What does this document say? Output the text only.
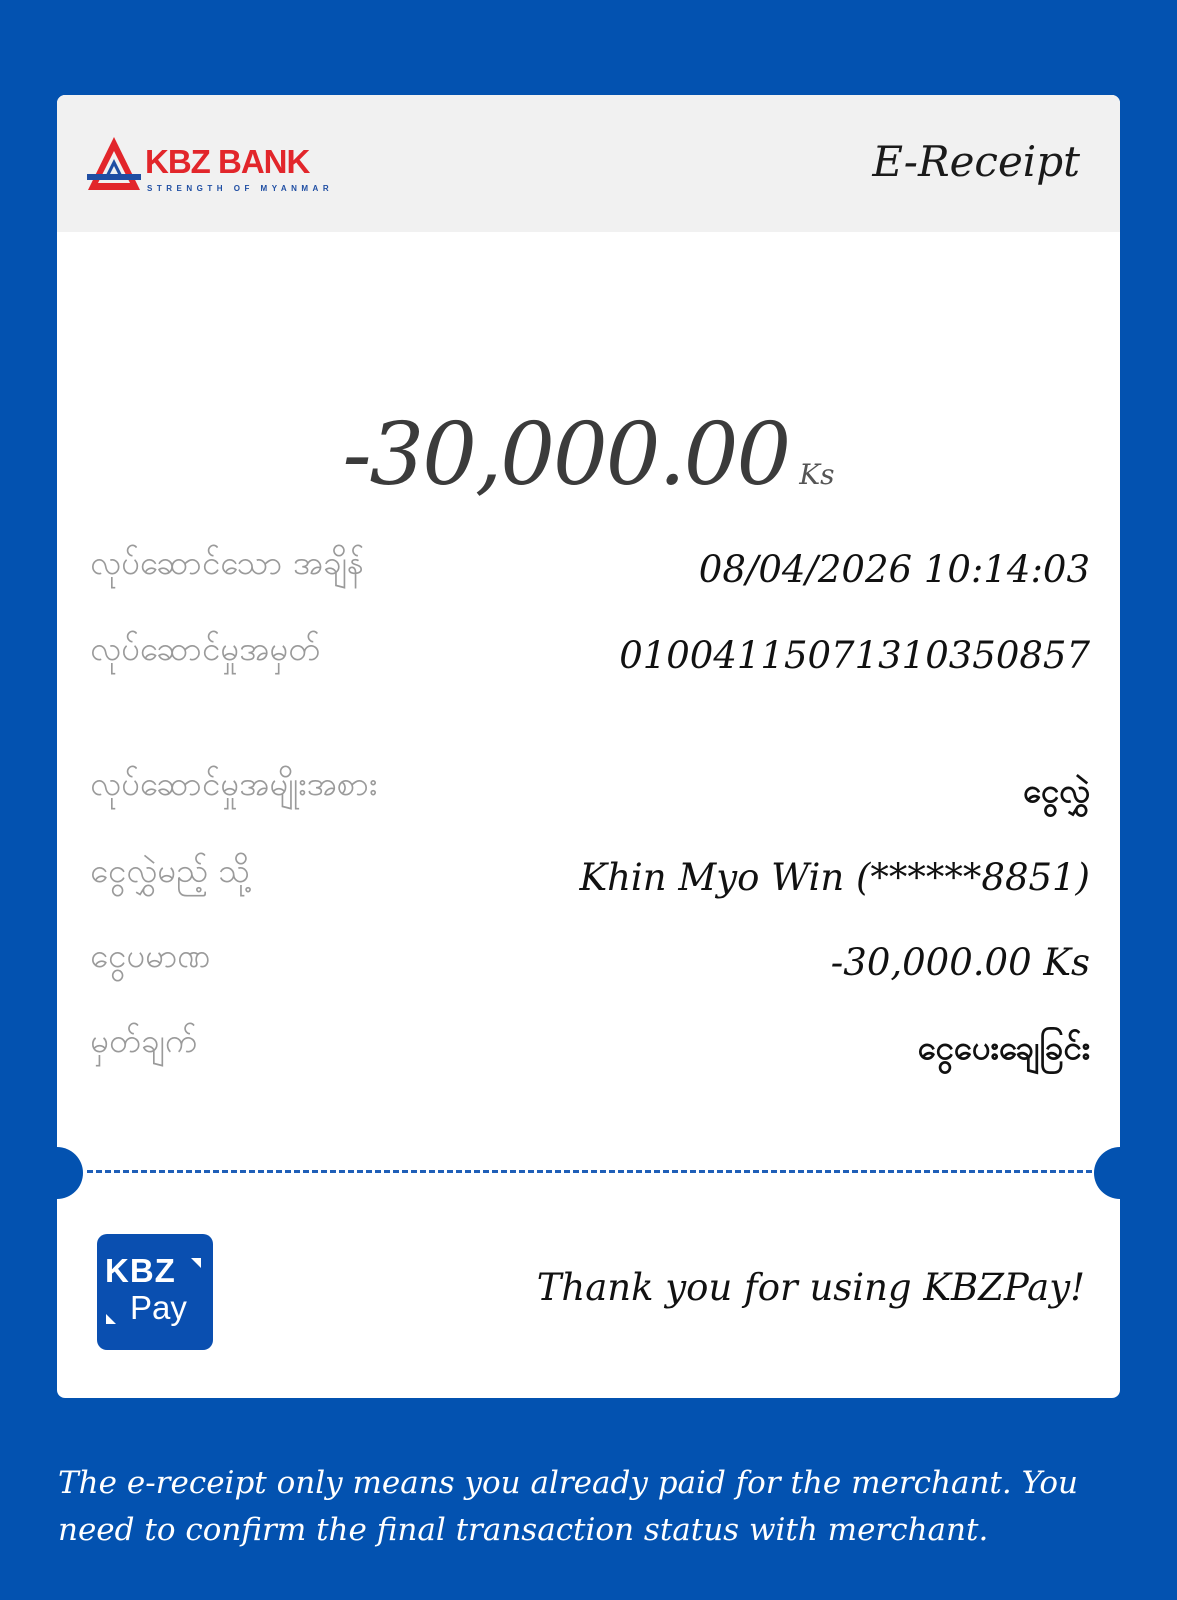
KBZ BANK
STRENGTH OF MYANMAR
E-Receipt
-30,000.00 Ks
လုပ်ဆောင်သော အချိန်	08/04/2026 10:14:03
လုပ်ဆောင်မှုအမှတ်	01004115071310350857
လုပ်ဆောင်မှုအမျိုးအစား	ငွေလွှဲ
ငွေလွှဲမည့် သို့	Khin Myo Win (******8851)
ငွေပမာဏ	-30,000.00 Ks
မှတ်ချက်	ငွေပေးချေခြင်း
KBZ
Pay	Thank you for using KBZPay!
The e-receipt only means you already paid for the merchant. You need to confirm the final transaction status with merchant.
